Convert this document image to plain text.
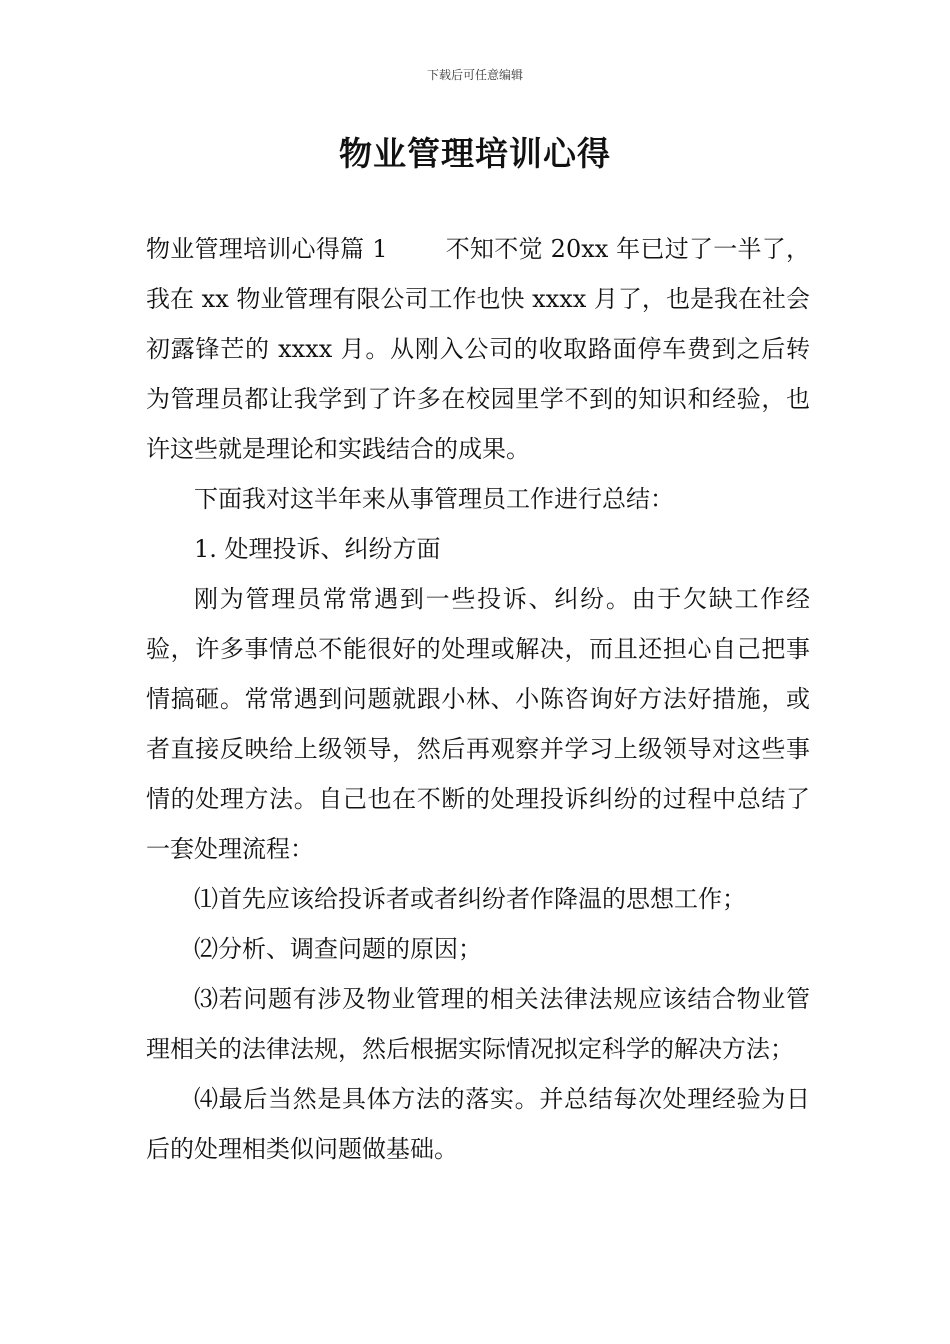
下载后可任意编辑
物业管理培训心得

物业管理培训心得篇 1 不知不觉 20xx 年已过了一半了，我在 xx 物业管理有限公司工作也快 xxxx 月了，也是我在社会初露锋芒的 xxxx 月。从刚入公司的收取路面停车费到之后转为管理员都让我学到了许多在校园里学不到的知识和经验，也许这些就是理论和实践结合的成果。

下面我对这半年来从事管理员工作进行总结：

1. 处理投诉、纠纷方面

刚为管理员常常遇到一些投诉、纠纷。由于欠缺工作经验，许多事情总不能很好的处理或解决，而且还担心自己把事情搞砸。常常遇到问题就跟小林、小陈咨询好方法好措施，或者直接反映给上级领导，然后再观察并学习上级领导对这些事情的处理方法。自己也在不断的处理投诉纠纷的过程中总结了一套处理流程：

⑴首先应该给投诉者或者纠纷者作降温的思想工作；

⑵分析、调查问题的原因；

⑶若问题有涉及物业管理的相关法律法规应该结合物业管理相关的法律法规，然后根据实际情况拟定科学的解决方法；

⑷最后当然是具体方法的落实。并总结每次处理经验为日后的处理相类似问题做基础。
